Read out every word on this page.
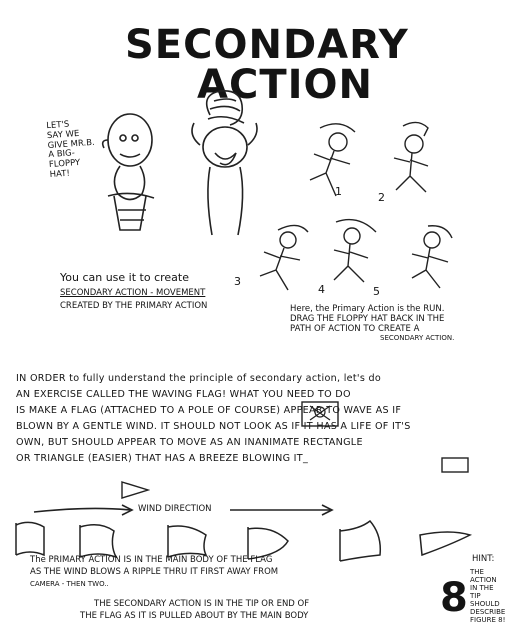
SECONDARY
ACTION
LET'S
SAY WE
GIVE MR.B.
A BIG-
FLOPPY
HAT!
1	2
3
4	5
You can use it to create
SECONDARY ACTION - MOVEMENT
CREATED BY THE PRIMARY ACTION	Here, the Primary Action is the RUN.
DRAG THE FLOPPY HAT BACK IN THE
PATH OF ACTION TO CREATE A
SECONDARY ACTION.
IN ORDER to fully understand the principle of secondary action, let's do
AN EXERCISE CALLED THE WAVING FLAG! WHAT YOU NEED TO DO
IS MAKE A FLAG (ATTACHED TO A POLE OF COURSE) APPEAR TO WAVE AS IF
BLOWN BY A GENTLE WIND. IT SHOULD NOT LOOK AS IF IT HAS A LIFE OF IT'S
OWN, BUT SHOULD APPEAR TO MOVE AS AN INANIMATE RECTANGLE
OR TRIANGLE (EASIER) THAT HAS A BREEZE BLOWING IT_
WIND DIRECTION
The PRIMARY ACTION IS IN THE MAIN BODY OF THE FLAG
AS THE WIND BLOWS A RIPPLE THRU IT FIRST AWAY FROM
CAMERA - THEN TWO..
THE SECONDARY ACTION IS IN THE TIP OR END OF
THE FLAG AS IT IS PULLED ABOUT BY THE MAIN BODY	8
HINT:
THE ACTION
IN THE
TIP
SHOULD
DESCRIBE
FIGURE 8!
